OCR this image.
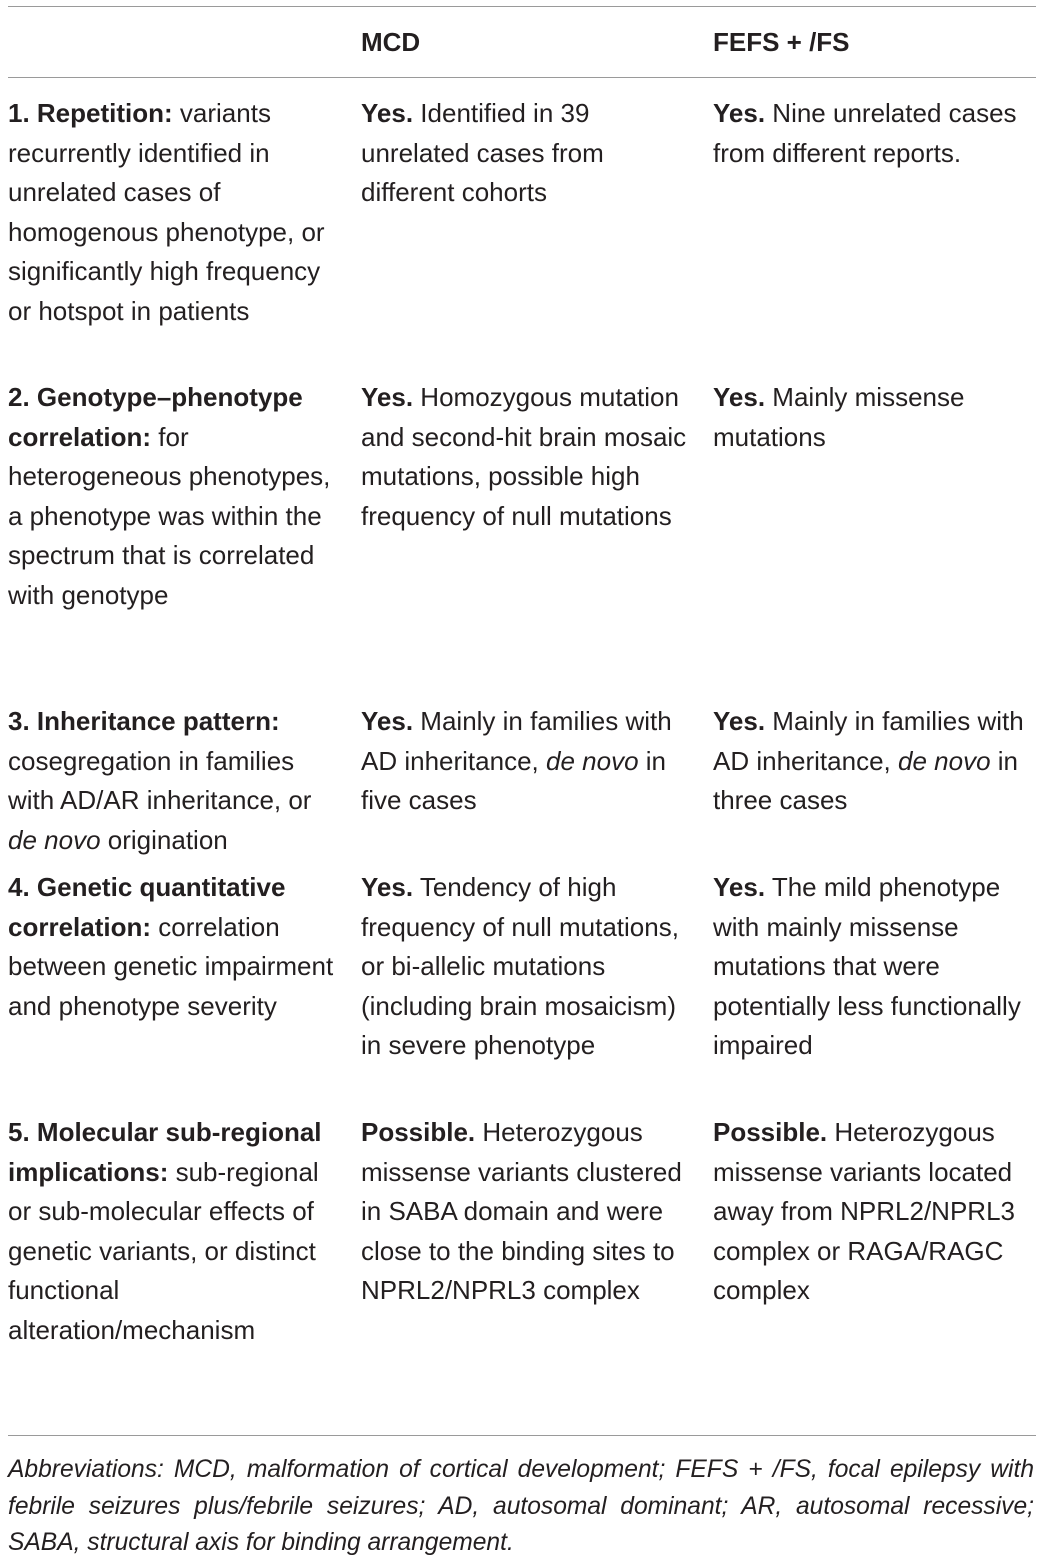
MCD	FEFS + /FS
1. Repetition: variants recurrently identified in unrelated cases of homogenous phenotype, or significantly high frequency or hotspot in patients
Yes. Identified in 39 unrelated cases from different cohorts
Yes. Nine unrelated cases from different reports.
2. Genotype–phenotype correlation: for heterogeneous phenotypes, a phenotype was within the spectrum that is correlated with genotype
Yes. Homozygous mutation and second-hit brain mosaic mutations, possible high frequency of null mutations
Yes. Mainly missense mutations
3. Inheritance pattern: cosegregation in families with AD/AR inheritance, or de novo origination
Yes. Mainly in families with AD inheritance, de novo in five cases
Yes. Mainly in families with AD inheritance, de novo in three cases
4. Genetic quantitative correlation: correlation between genetic impairment and phenotype severity
Yes. Tendency of high frequency of null mutations, or bi-allelic mutations (including brain mosaicism) in severe phenotype
Yes. The mild phenotype with mainly missense mutations that were potentially less functionally impaired
5. Molecular sub-regional implications: sub-regional or sub-molecular effects of genetic variants, or distinct functional alteration/mechanism
Possible. Heterozygous missense variants clustered in SABA domain and were close to the binding sites to NPRL2/NPRL3 complex
Possible. Heterozygous missense variants located away from NPRL2/NPRL3 complex or RAGA/RAGC complex
Abbreviations: MCD, malformation of cortical development; FEFS + /FS, focal epilepsy with febrile seizures plus/febrile seizures; AD, autosomal dominant; AR, autosomal recessive; SABA, structural axis for binding arrangement.
